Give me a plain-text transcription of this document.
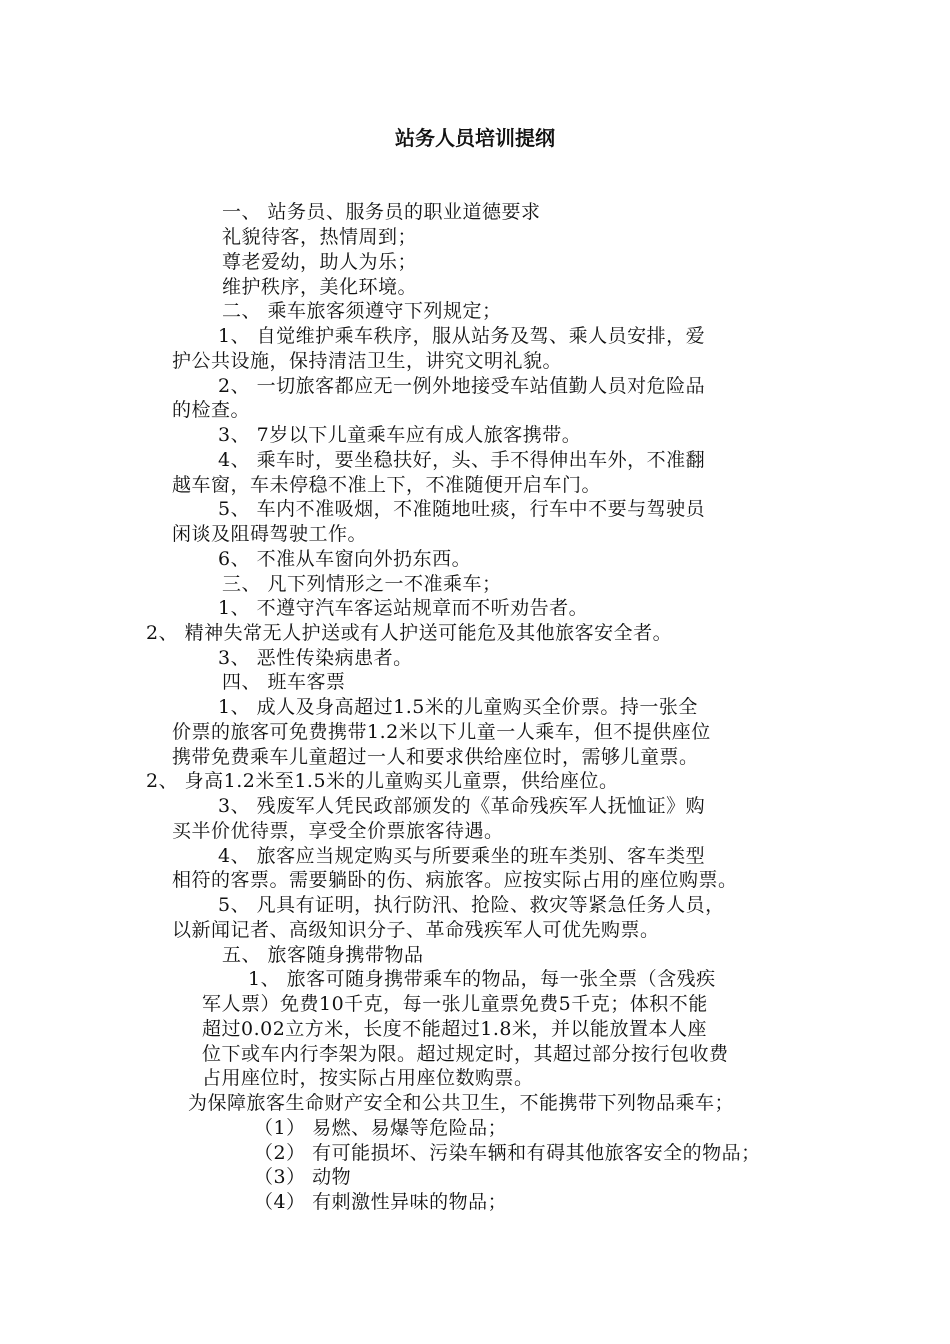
站务人员培训提纲
一、 站务员、服务员的职业道德要求
礼貌待客，热情周到；
尊老爱幼，助人为乐；
维护秩序，美化环境。
二、 乘车旅客须遵守下列规定；
1、 自觉维护乘车秩序，服从站务及驾、乘人员安排，爱
护公共设施，保持清洁卫生，讲究文明礼貌。
2、 一切旅客都应无一例外地接受车站值勤人员对危险品
的检查。
3、 7岁以下儿童乘车应有成人旅客携带。
4、 乘车时，要坐稳扶好，头、手不得伸出车外，不准翻
越车窗，车未停稳不准上下，不准随便开启车门。
5、 车内不准吸烟，不准随地吐痰，行车中不要与驾驶员
闲谈及阻碍驾驶工作。
6、 不准从车窗向外扔东西。
三、 凡下列情形之一不准乘车；
1、 不遵守汽车客运站规章而不听劝告者。
2、 精神失常无人护送或有人护送可能危及其他旅客安全者。
3、 恶性传染病患者。
四、 班车客票
1、 成人及身高超过1.5米的儿童购买全价票。持一张全
价票的旅客可免费携带1.2米以下儿童一人乘车，但不提供座位
携带免费乘车儿童超过一人和要求供给座位时，需够儿童票。
2、 身高1.2米至1.5米的儿童购买儿童票，供给座位。
3、 残废军人凭民政部颁发的《革命残疾军人抚恤证》购
买半价优待票，享受全价票旅客待遇。
4、 旅客应当规定购买与所要乘坐的班车类别、客车类型
相符的客票。需要躺卧的伤、病旅客。应按实际占用的座位购票。
5、 凡具有证明，执行防汛、抢险、救灾等紧急任务人员，
以新闻记者、高级知识分子、革命残疾军人可优先购票。
五、 旅客随身携带物品
1、 旅客可随身携带乘车的物品，每一张全票（含残疾
军人票）免费10千克，每一张儿童票免费5千克；体积不能
超过0.02立方米，长度不能超过1.8米，并以能放置本人座
位下或车内行李架为限。超过规定时，其超过部分按行包收费
占用座位时，按实际占用座位数购票。
为保障旅客生命财产安全和公共卫生，不能携带下列物品乘车；
（1） 易燃、易爆等危险品；
（2） 有可能损坏、污染车辆和有碍其他旅客安全的物品；
（3） 动物
（4） 有刺激性异味的物品；
